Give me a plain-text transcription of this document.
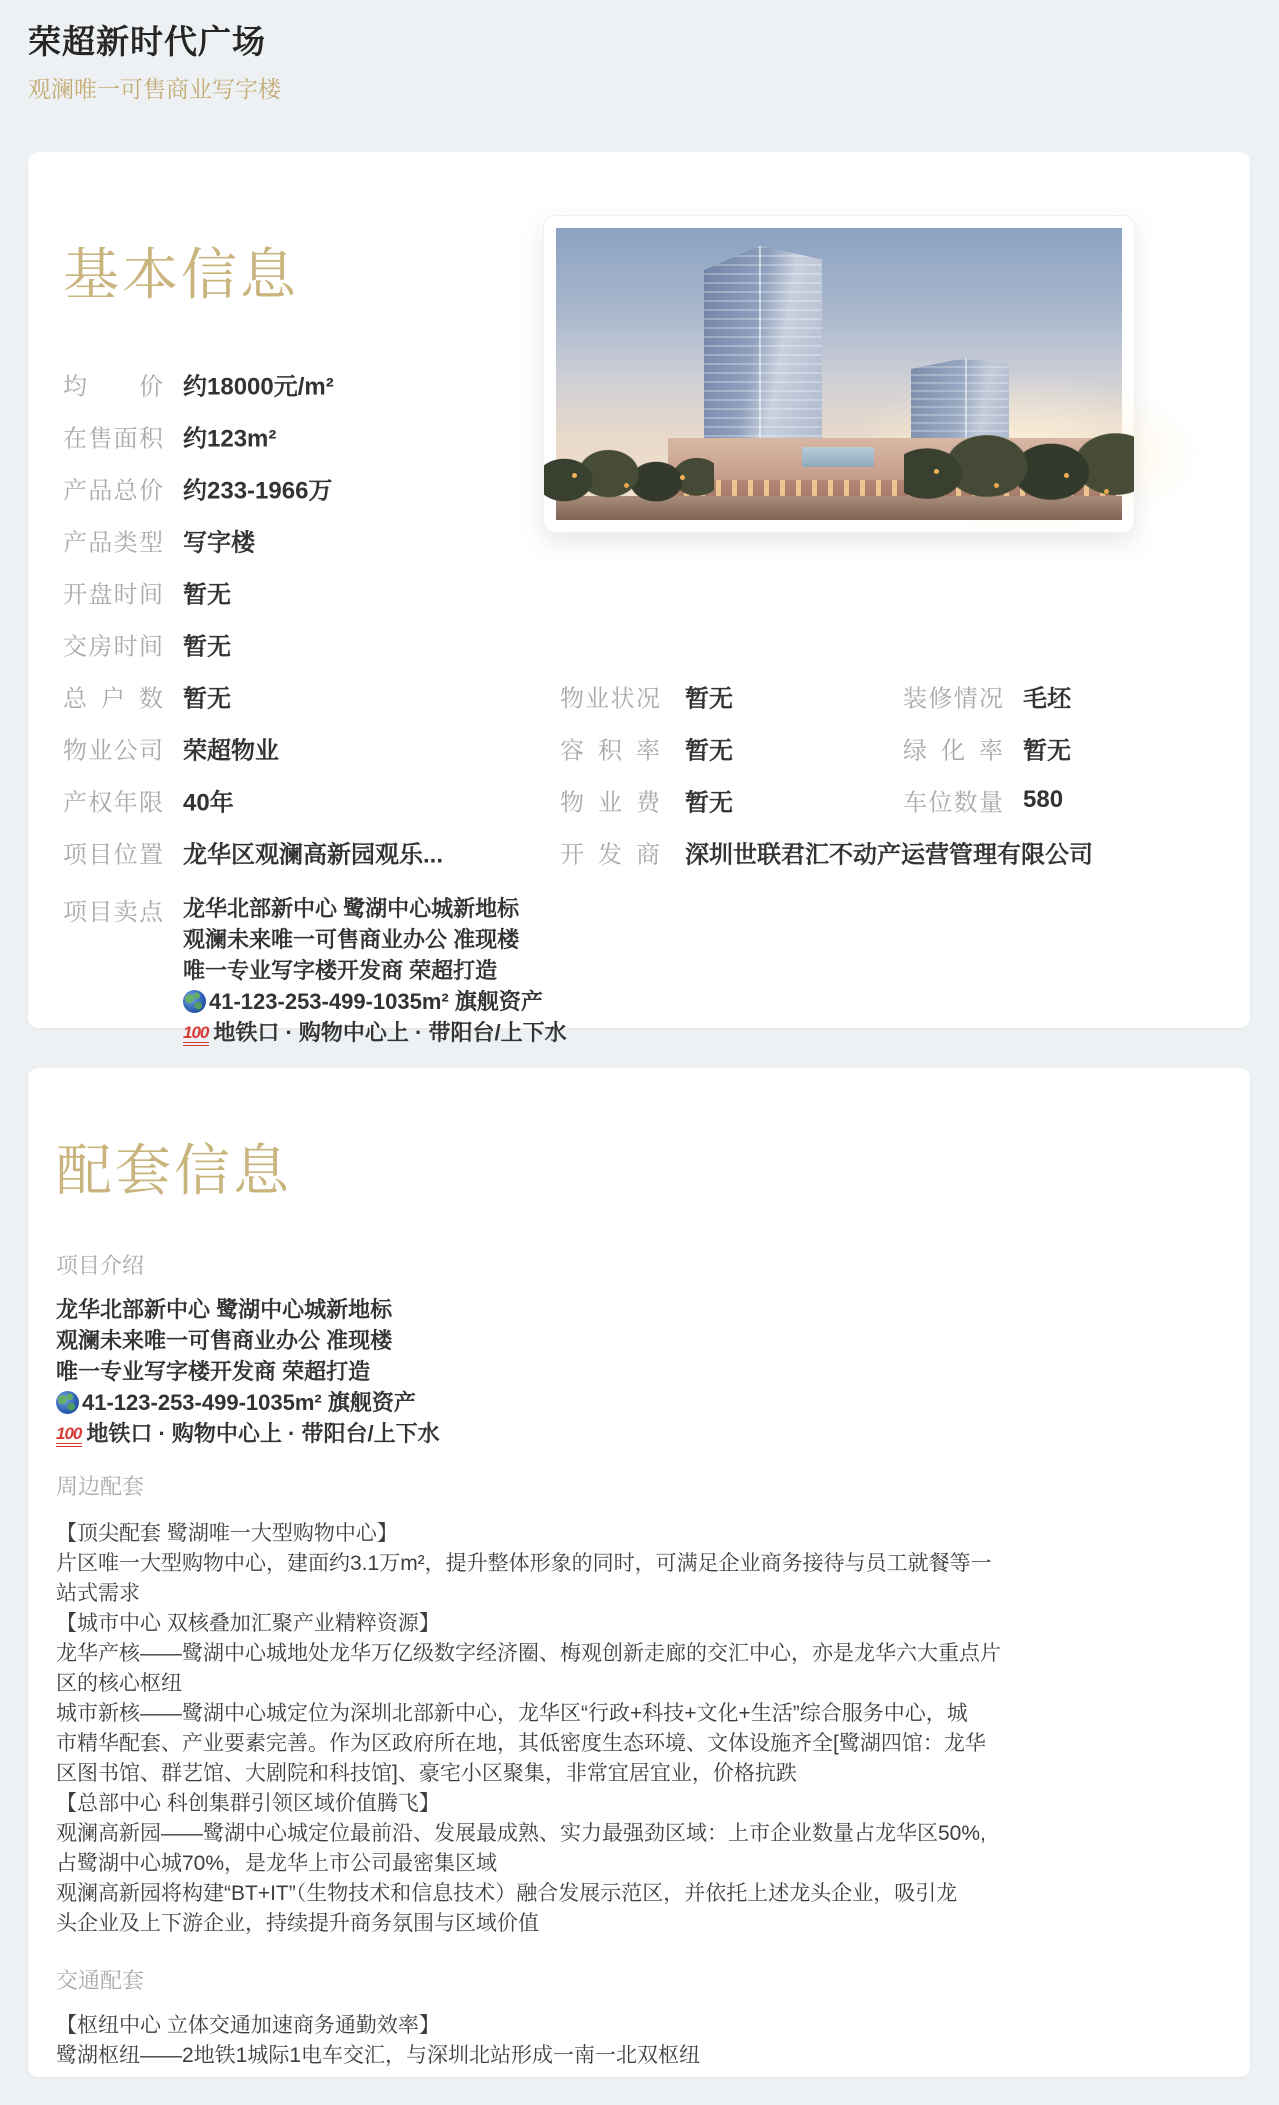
荣超新时代广场
观澜唯一可售商业写字楼
基本信息
均价 约18000元/m²
在售面积 约123m²
产品总价 约233-1966万
产品类型 写字楼
开盘时间 暂无
交房时间 暂无
总户数 暂无	物业状况 暂无	装修情况 毛坯
物业公司 荣超物业	容积率 暂无	绿化率 暂无
产权年限 40年	物业费 暂无	车位数量 580
项目位置 龙华区观澜高新园观乐...	开发商 深圳世联君汇不动产运营管理有限公司
项目卖点 龙华北部新中心 鹭湖中心城新地标
观澜未来唯一可售商业办公 准现楼
唯一专业写字楼开发商 荣超打造
41-123-253-499-1035m² 旗舰资产
100 地铁口 · 购物中心上 · 带阳台/上下水
配套信息
项目介绍
龙华北部新中心 鹭湖中心城新地标
观澜未来唯一可售商业办公 准现楼
唯一专业写字楼开发商 荣超打造
41-123-253-499-1035m² 旗舰资产
100 地铁口 · 购物中心上 · 带阳台/上下水
周边配套
【顶尖配套 鹭湖唯一大型购物中心】
片区唯一大型购物中心，建面约3.1万m²，提升整体形象的同时，可满足企业商务接待与员工就餐等一
站式需求
【城市中心 双核叠加汇聚产业精粹资源】
龙华产核——鹭湖中心城地处龙华万亿级数字经济圈、梅观创新走廊的交汇中心，亦是龙华六大重点片
区的核心枢纽
城市新核——鹭湖中心城定位为深圳北部新中心，龙华区“行政+科技+文化+生活”综合服务中心，城
市精华配套、产业要素完善。作为区政府所在地，其低密度生态环境、文体设施齐全[鹭湖四馆：龙华
区图书馆、群艺馆、大剧院和科技馆]、豪宅小区聚集，非常宜居宜业，价格抗跌
【总部中心 科创集群引领区域价值腾飞】
观澜高新园——鹭湖中心城定位最前沿、发展最成熟、实力最强劲区域：上市企业数量占龙华区50%,
占鹭湖中心城70%，是龙华上市公司最密集区域
观澜高新园将构建“BT+IT”（生物技术和信息技术）融合发展示范区，并依托上述龙头企业，吸引龙
头企业及上下游企业，持续提升商务氛围与区域价值
交通配套
【枢纽中心 立体交通加速商务通勤效率】
鹭湖枢纽——2地铁1城际1电车交汇，与深圳北站形成一南一北双枢纽
